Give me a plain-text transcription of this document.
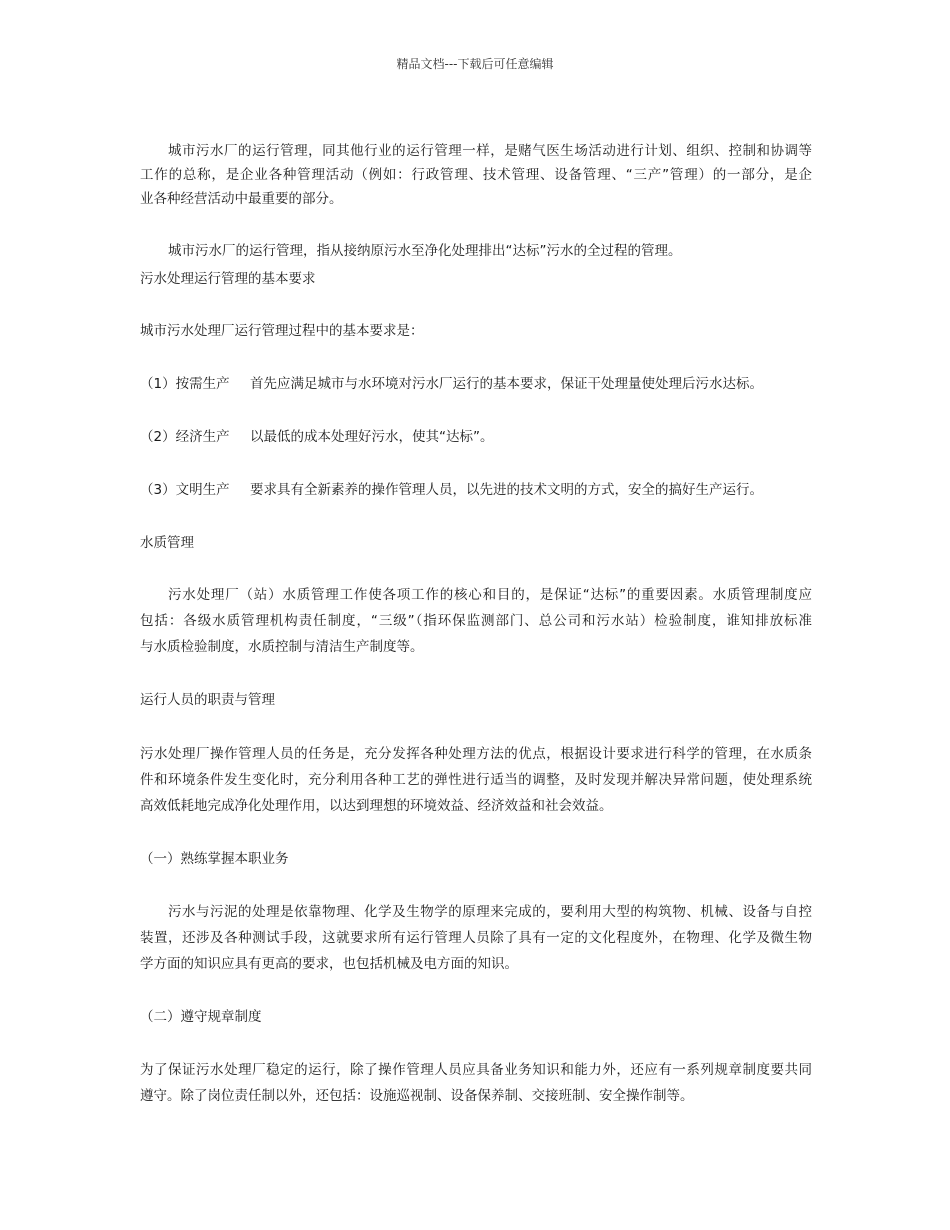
精品文档---下载后可任意编辑
城市污水厂的运行管理，同其他行业的运行管理一样，是赌气医生场活动进行计划、组织、控制和协调等
工作的总称，是企业各种管理活动（例如：行政管理、技术管理、设备管理、“三产”管理）的一部分，是企
业各种经营活动中最重要的部分。
城市污水厂的运行管理，指从接纳原污水至净化处理排出“达标”污水的全过程的管理。
污水处理运行管理的基本要求
城市污水处理厂运行管理过程中的基本要求是：
（1）按需生产 首先应满足城市与水环境对污水厂运行的基本要求，保证干处理量使处理后污水达标。
（2）经济生产 以最低的成本处理好污水，使其“达标”。
（3）文明生产 要求具有全新素养的操作管理人员，以先进的技术文明的方式，安全的搞好生产运行。
水质管理
污水处理厂（站）水质管理工作使各项工作的核心和目的，是保证“达标”的重要因素。水质管理制度应
包括：各级水质管理机构责任制度，“三级”（指环保监测部门、总公司和污水站）检验制度，谁知排放标准
与水质检验制度，水质控制与清洁生产制度等。
运行人员的职责与管理
污水处理厂操作管理人员的任务是，充分发挥各种处理方法的优点，根据设计要求进行科学的管理，在水质条
件和环境条件发生变化时，充分利用各种工艺的弹性进行适当的调整，及时发现并解决异常问题，使处理系统
高效低耗地完成净化处理作用，以达到理想的环境效益、经济效益和社会效益。
（一）熟练掌握本职业务
污水与污泥的处理是依靠物理、化学及生物学的原理来完成的，要利用大型的构筑物、机械、设备与自控
装置，还涉及各种测试手段，这就要求所有运行管理人员除了具有一定的文化程度外，在物理、化学及微生物
学方面的知识应具有更高的要求，也包括机械及电方面的知识。
（二）遵守规章制度
为了保证污水处理厂稳定的运行，除了操作管理人员应具备业务知识和能力外，还应有一系列规章制度要共同
遵守。除了岗位责任制以外，还包括：设施巡视制、设备保养制、交接班制、安全操作制等。
